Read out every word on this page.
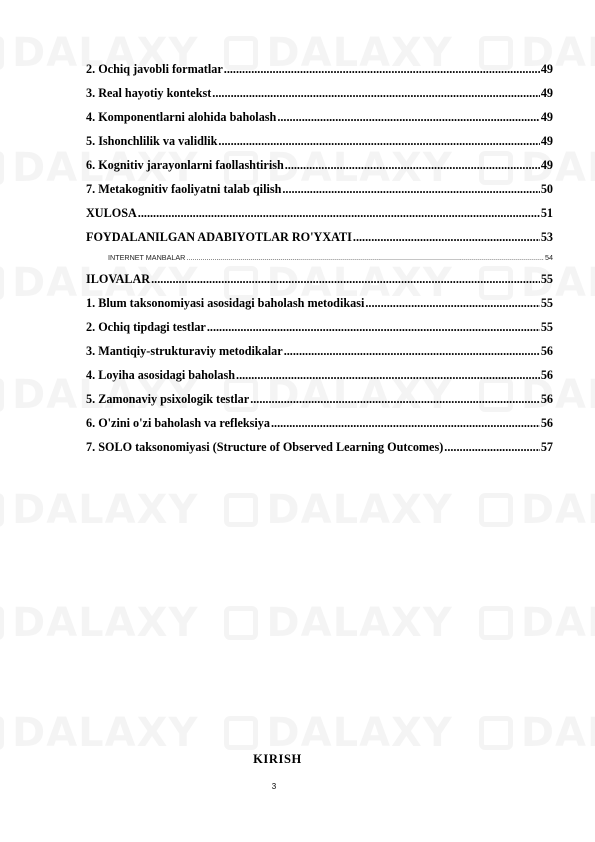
2. Ochiq javobli formatlar .....	49
3. Real hayotiy kontekst .....	49
4. Komponentlarni alohida baholash .....	49
5. Ishonchlilik va validlik .....	49
6. Kognitiv jarayonlarni faollashtirish .....	49
7. Metakognitiv faoliyatni talab qilish .....	50
XULOSA .....	51
FOYDALANILGAN ADABIYOTLAR RO'YXATI .....	53
INTERNET MANBALAR .....	54
ILOVALAR .....	55
1. Blum taksonomiyasi asosidagi baholash metodikasi .....	55
2. Ochiq tipdagi testlar .....	55
3. Mantiqiy-strukturaviy metodikalar .....	56
4. Loyiha asosidagi baholash .....	56
5. Zamonaviy psixologik testlar .....	56
6. O'zini o'zi baholash va refleksiya .....	56
7. SOLO taksonomiyasi (Structure of Observed Learning Outcomes) .....	57
KIRISH
3
